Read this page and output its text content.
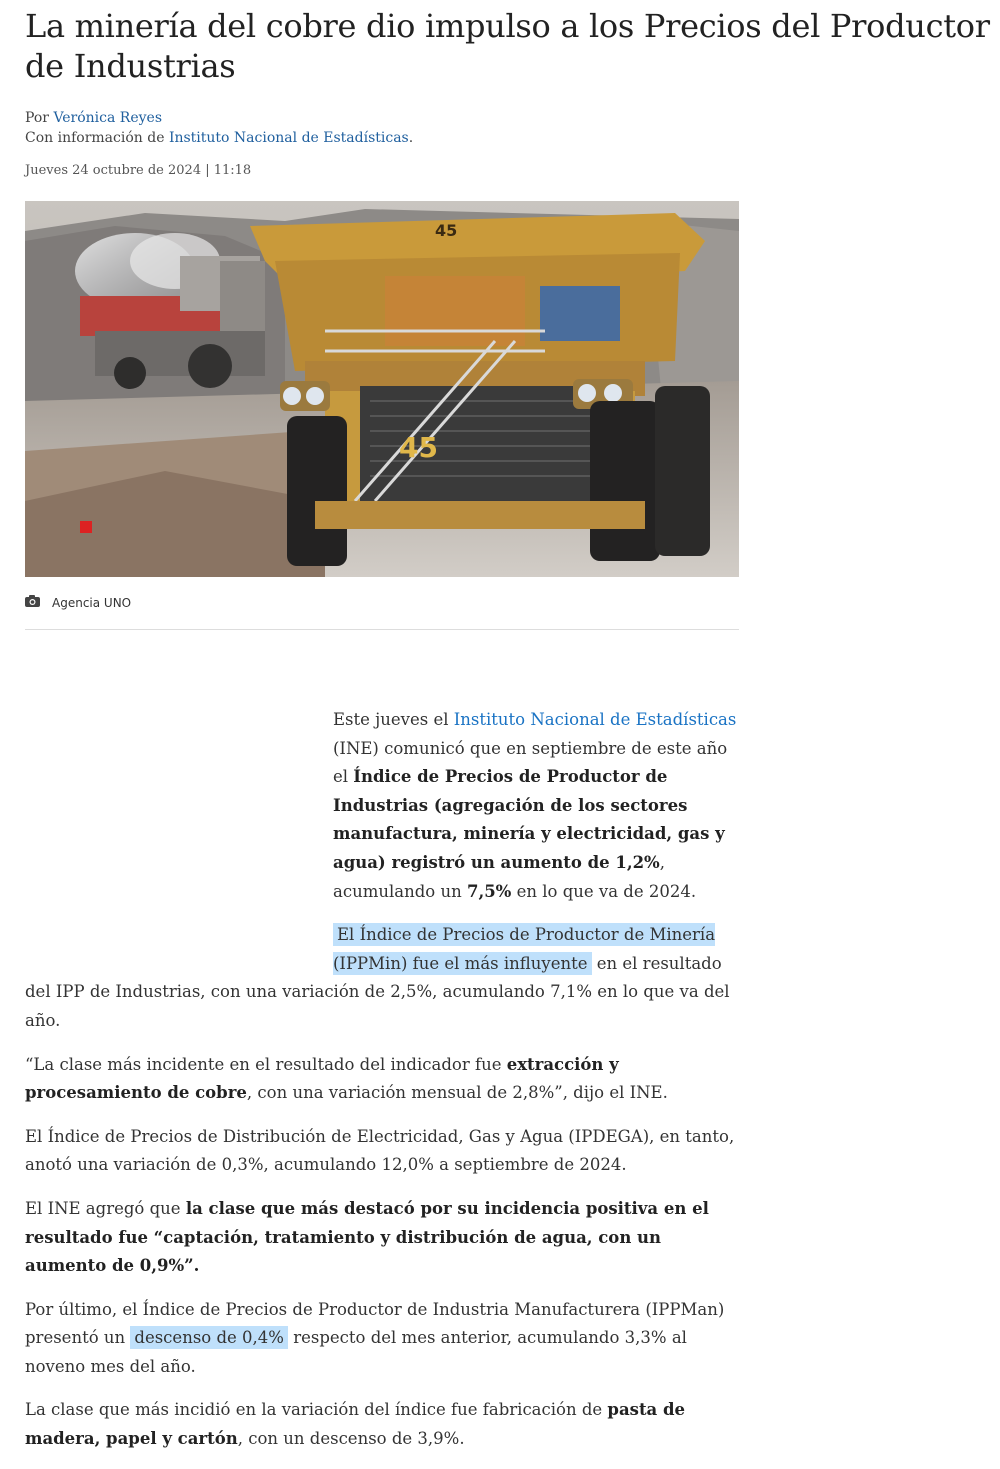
La minería del cobre dio impulso a los Precios del Productor de Industrias
Por Verónica Reyes
Con información de Instituto Nacional de Estadísticas.
Jueves 24 octubre de 2024 | 11:18
45
45
Agencia UNO

Este jueves el Instituto Nacional de Estadísticas (INE) comunicó que en septiembre de este año el Índice de Precios de Productor de Industrias (agregación de los sectores manufactura, minería y electricidad, gas y agua) registró un aumento de 1,2%, acumulando un 7,5% en lo que va de 2024.

El Índice de Precios de Productor de Minería (IPPMin) fue el más influyente en el resultado del IPP de Industrias, con una variación de 2,5%, acumulando 7,1% en lo que va del año.

“La clase más incidente en el resultado del indicador fue extracción y procesamiento de cobre, con una variación mensual de 2,8%”, dijo el INE.

El Índice de Precios de Distribución de Electricidad, Gas y Agua (IPDEGA), en tanto, anotó una variación de 0,3%, acumulando 12,0% a septiembre de 2024.

El INE agregó que la clase que más destacó por su incidencia positiva en el resultado fue “captación, tratamiento y distribución de agua, con un aumento de 0,9%”.

Por último, el Índice de Precios de Productor de Industria Manufacturera (IPPMan) presentó un descenso de 0,4% respecto del mes anterior, acumulando 3,3% al noveno mes del año.

La clase que más incidió en la variación del índice fue fabricación de pasta de madera, papel y cartón, con un descenso de 3,9%.
